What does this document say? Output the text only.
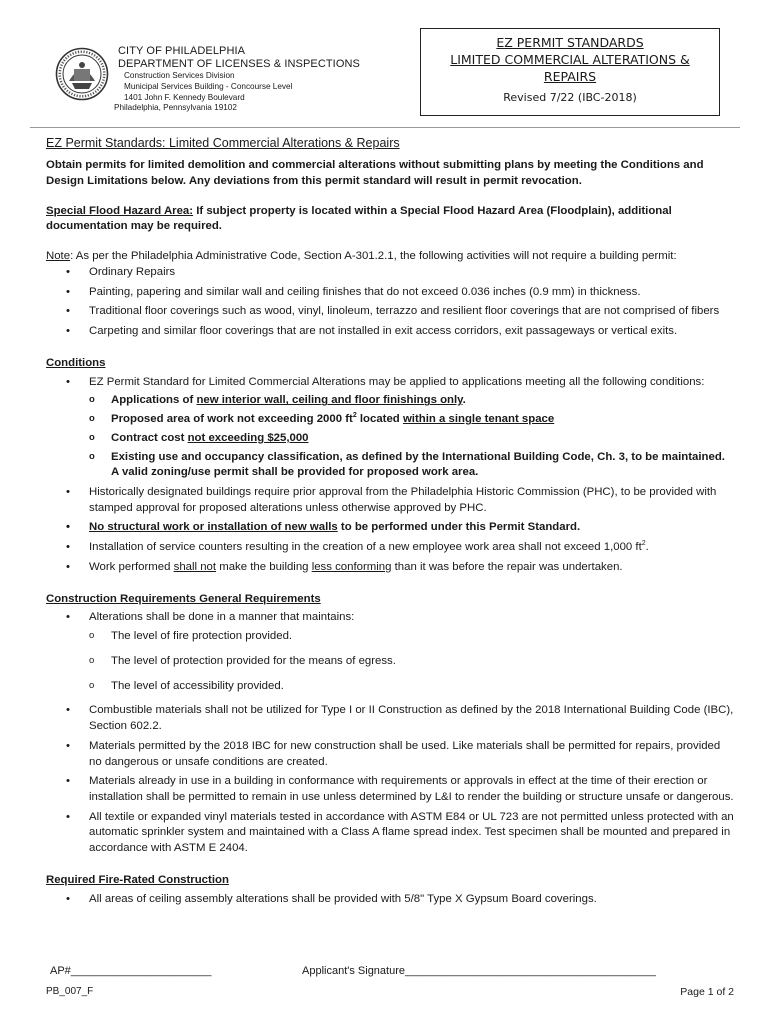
CITY OF PHILADELPHIA
DEPARTMENT OF LICENSES & INSPECTIONS
Construction Services Division
Municipal Services Building - Concourse Level
1401 John F. Kennedy Boulevard
Philadelphia, Pennsylvania 19102
EZ PERMIT STANDARDS
LIMITED COMMERCIAL ALTERATIONS &
REPAIRS
Revised 7/22 (IBC-2018)

EZ Permit Standards: Limited Commercial Alterations & Repairs

Obtain permits for limited demolition and commercial alterations without submitting plans by meeting the Conditions and Design Limitations below. Any deviations from this permit standard will result in permit revocation.

Special Flood Hazard Area: If subject property is located within a Special Flood Hazard Area (Floodplain), additional documentation may be required.

Note: As per the Philadelphia Administrative Code, Section A-301.2.1, the following activities will not require a building permit:

• Ordinary Repairs
• Painting, papering and similar wall and ceiling finishes that do not exceed 0.036 inches (0.9 mm) in thickness.
• Traditional floor coverings such as wood, vinyl, linoleum, terrazzo and resilient floor coverings that are not comprised of fibers
• Carpeting and similar floor coverings that are not installed in exit access corridors, exit passageways or vertical exits.

Conditions

• EZ Permit Standard for Limited Commercial Alterations may be applied to applications meeting all the following conditions:
o Applications of new interior wall, ceiling and floor finishings only.
o Proposed area of work not exceeding 2000 $ft^2$ located within a single tenant space
o Contract cost not exceeding $25,000
o Existing use and occupancy classification, as defined by the International Building Code, Ch. 3, to be maintained. A valid zoning/use permit shall be provided for proposed work area.
• Historically designated buildings require prior approval from the Philadelphia Historic Commission (PHC), to be provided with stamped approval for proposed alterations unless otherwise approved by PHC.
• No structural work or installation of new walls to be performed under this Permit Standard.
• Installation of service counters resulting in the creation of a new employee work area shall not exceed 1,000 $ft^2$.
• Work performed shall not make the building less conforming than it was before the repair was undertaken.

Construction Requirements General Requirements

• Alterations shall be done in a manner that maintains:
o The level of fire protection provided.
o The level of protection provided for the means of egress.
o The level of accessibility provided.
• Combustible materials shall not be utilized for Type I or II Construction as defined by the 2018 International Building Code (IBC), Section 602.2.
• Materials permitted by the 2018 IBC for new construction shall be used. Like materials shall be permitted for repairs, provided no dangerous or unsafe conditions are created.
• Materials already in use in a building in conformance with requirements or approvals in effect at the time of their erection or installation shall be permitted to remain in use unless determined by L&I to render the building or structure unsafe or dangerous.
• All textile or expanded vinyl materials tested in accordance with ASTM E84 or UL 723 are not permitted unless protected with an automatic sprinkler system and maintained with a Class A flame spread index. Test specimen shall be mounted and prepared in accordance with ASTM E 2404.

Required Fire-Rated Construction

• All areas of ceiling assembly alterations shall be provided with 5/8" Type X Gypsum Board coverings.
AP#_______________________	Applicant's Signature_________________________________________
PB_007_F	Page 1 of 2
